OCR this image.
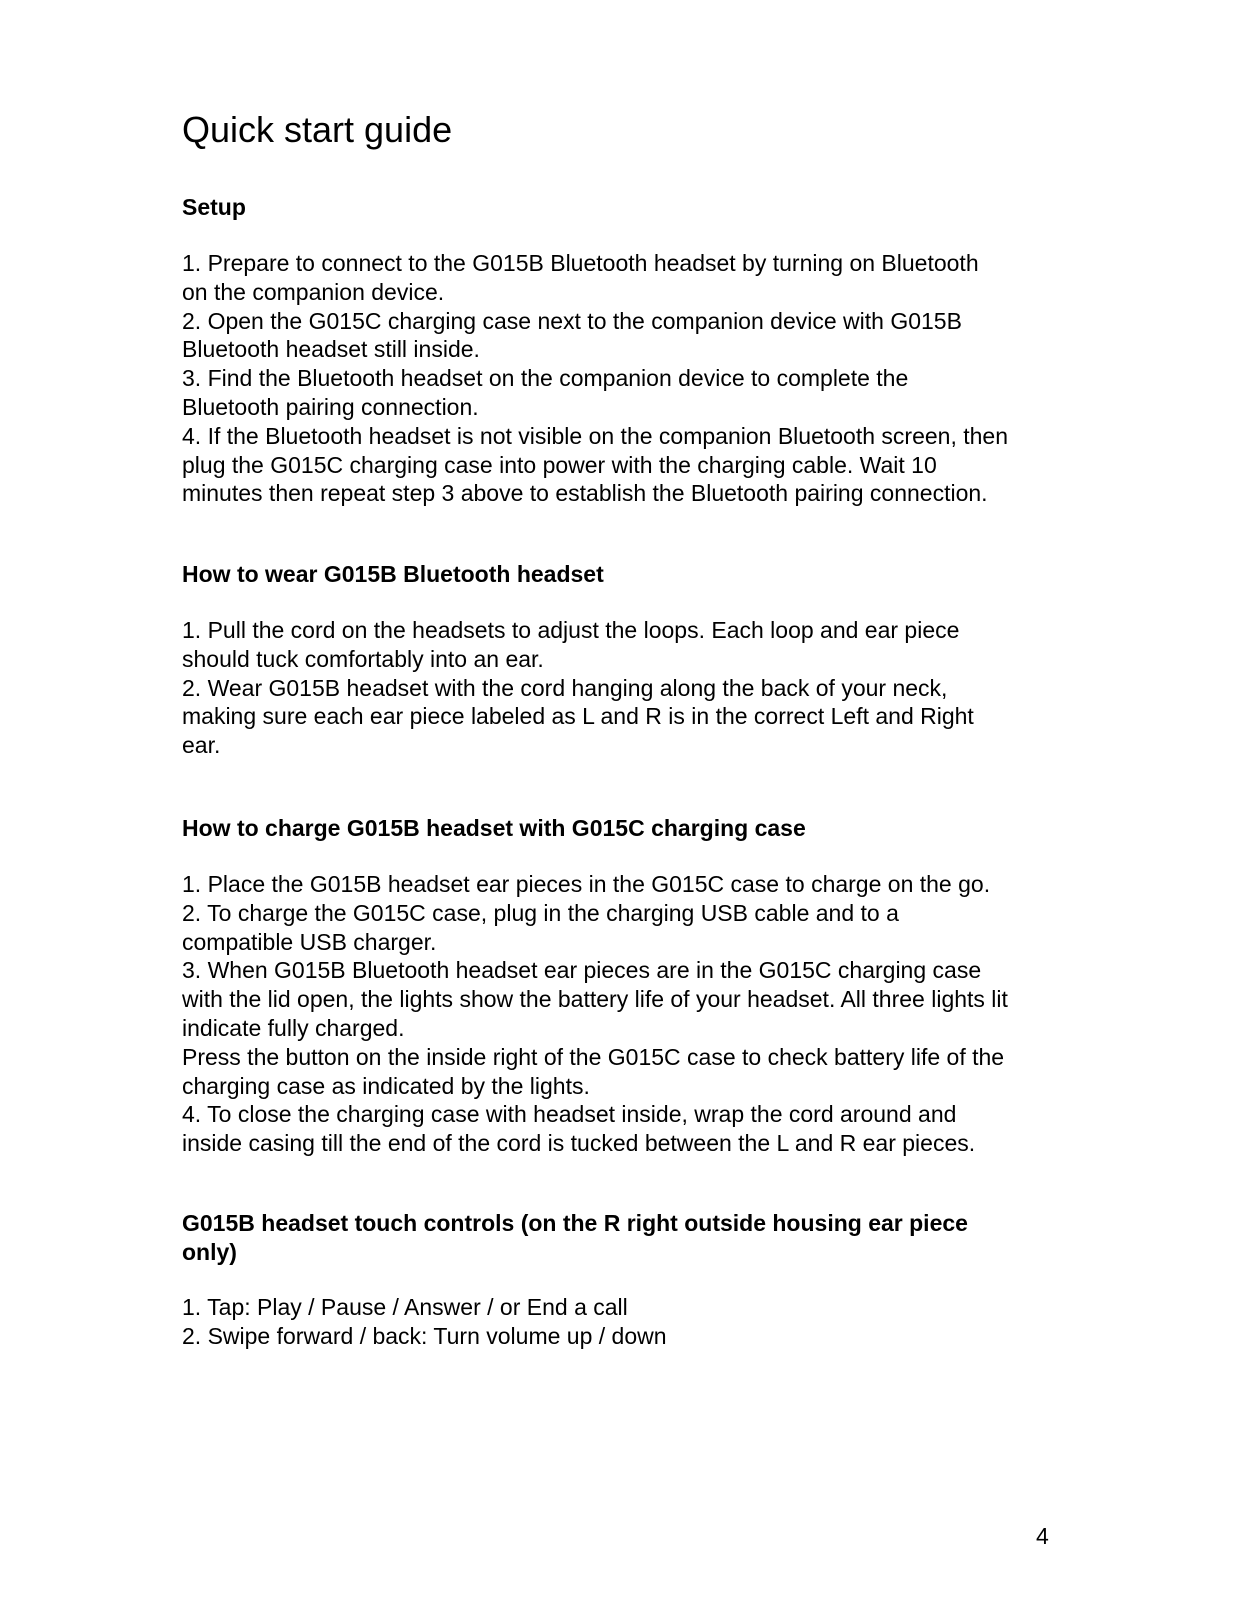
Quick start guide
Setup
1. Prepare to connect to the G015B Bluetooth headset by turning on Bluetooth
on the companion device.
2. Open the G015C charging case next to the companion device with G015B
Bluetooth headset still inside.
3. Find the Bluetooth headset on the companion device to complete the
Bluetooth pairing connection.
4. If the Bluetooth headset is not visible on the companion Bluetooth screen, then
plug the G015C charging case into power with the charging cable. Wait 10
minutes then repeat step 3 above to establish the Bluetooth pairing connection.
How to wear G015B Bluetooth headset
1. Pull the cord on the headsets to adjust the loops. Each loop and ear piece
should tuck comfortably into an ear.
2. Wear G015B headset with the cord hanging along the back of your neck,
making sure each ear piece labeled as L and R is in the correct Left and Right
ear.
How to charge G015B headset with G015C charging case
1. Place the G015B headset ear pieces in the G015C case to charge on the go.
2. To charge the G015C case, plug in the charging USB cable and to a
compatible USB charger.
3. When G015B Bluetooth headset ear pieces are in the G015C charging case
with the lid open, the lights show the battery life of your headset. All three lights lit
indicate fully charged.
Press the button on the inside right of the G015C case to check battery life of the
charging case as indicated by the lights.
4. To close the charging case with headset inside, wrap the cord around and
inside casing till the end of the cord is tucked between the L and R ear pieces.
G015B headset touch controls (on the R right outside housing ear piece
only)
1. Tap: Play / Pause / Answer / or End a call
2. Swipe forward / back: Turn volume up / down
4
